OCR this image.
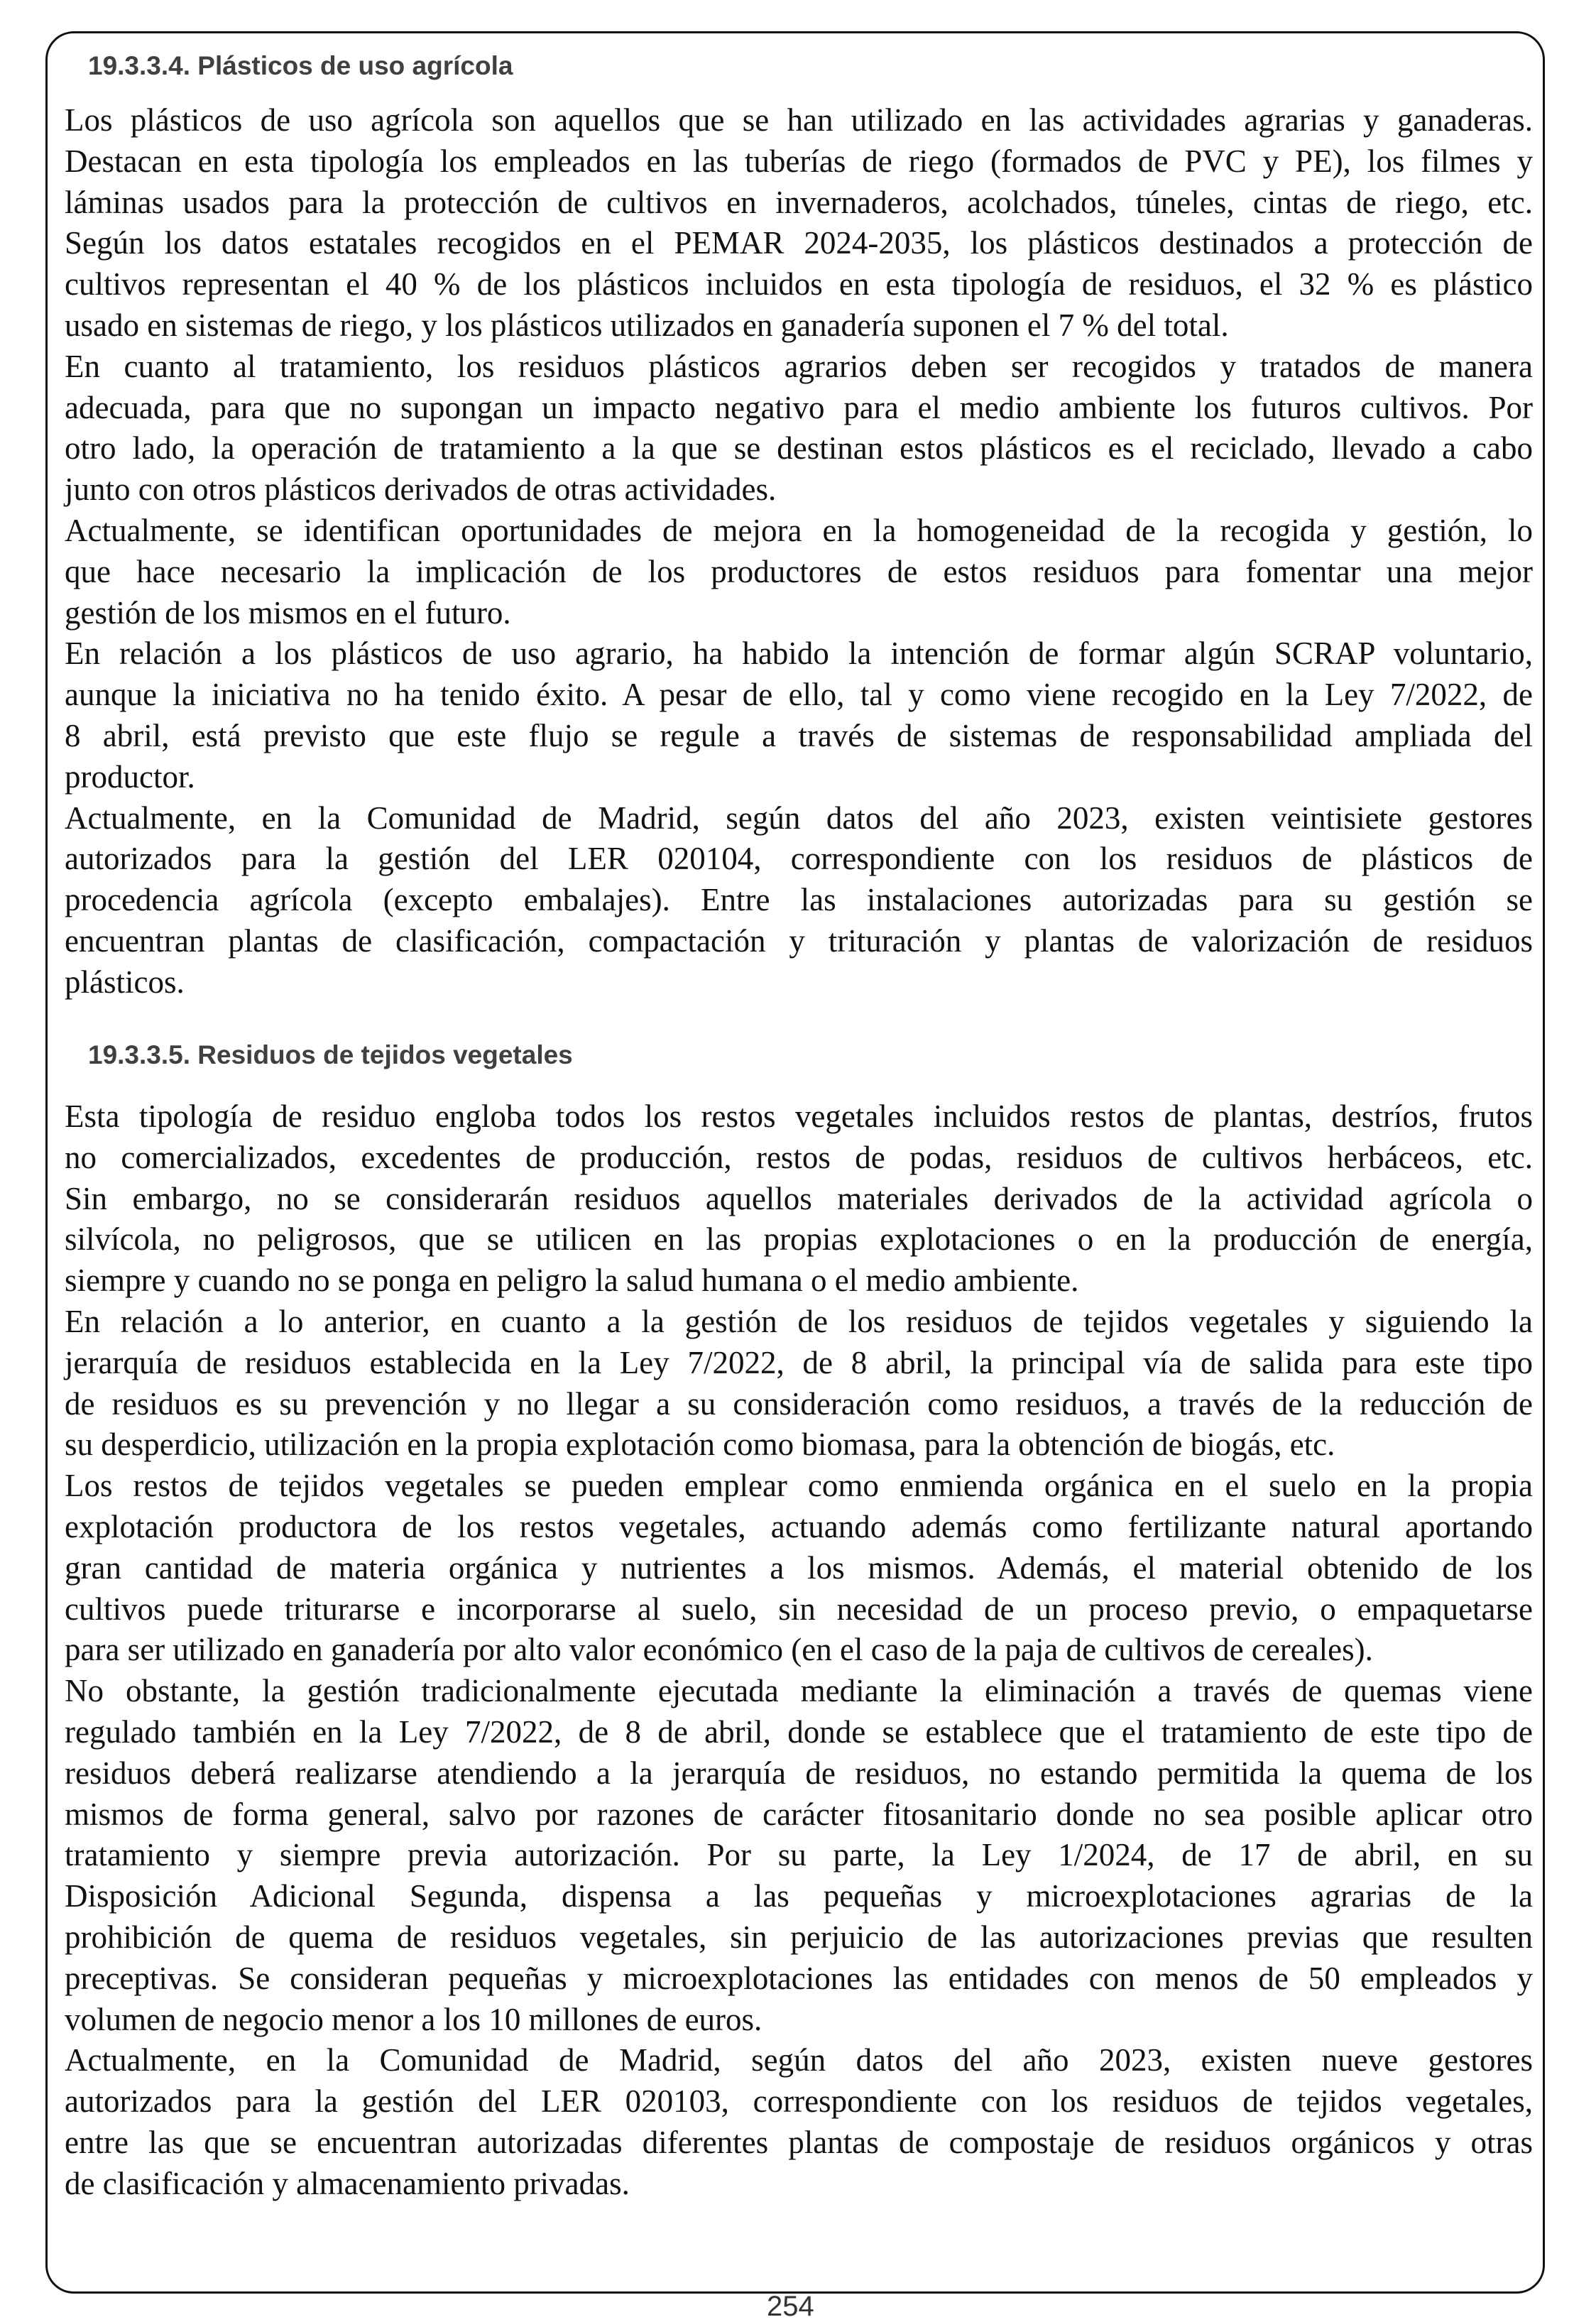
19.3.3.4. Plásticos de uso agrícola
Los plásticos de uso agrícola son aquellos que se han utilizado en las actividades agrarias y ganaderas.
Destacan en esta tipología los empleados en las tuberías de riego (formados de PVC y PE), los filmes y
láminas usados para la protección de cultivos en invernaderos, acolchados, túneles, cintas de riego, etc.
Según los datos estatales recogidos en el PEMAR 2024-2035, los plásticos destinados a protección de
cultivos representan el 40 % de los plásticos incluidos en esta tipología de residuos, el 32 % es plástico
usado en sistemas de riego, y los plásticos utilizados en ganadería suponen el 7 % del total.
En cuanto al tratamiento, los residuos plásticos agrarios deben ser recogidos y tratados de manera
adecuada, para que no supongan un impacto negativo para el medio ambiente los futuros cultivos. Por
otro lado, la operación de tratamiento a la que se destinan estos plásticos es el reciclado, llevado a cabo
junto con otros plásticos derivados de otras actividades.
Actualmente, se identifican oportunidades de mejora en la homogeneidad de la recogida y gestión, lo
que hace necesario la implicación de los productores de estos residuos para fomentar una mejor
gestión de los mismos en el futuro.
En relación a los plásticos de uso agrario, ha habido la intención de formar algún SCRAP voluntario,
aunque la iniciativa no ha tenido éxito. A pesar de ello, tal y como viene recogido en la Ley 7/2022, de
8 abril, está previsto que este flujo se regule a través de sistemas de responsabilidad ampliada del
productor.
Actualmente, en la Comunidad de Madrid, según datos del año 2023, existen veintisiete gestores
autorizados para la gestión del LER 020104, correspondiente con los residuos de plásticos de
procedencia agrícola (excepto embalajes). Entre las instalaciones autorizadas para su gestión se
encuentran plantas de clasificación, compactación y trituración y plantas de valorización de residuos
plásticos.
19.3.3.5. Residuos de tejidos vegetales
Esta tipología de residuo engloba todos los restos vegetales incluidos restos de plantas, destríos, frutos
no comercializados, excedentes de producción, restos de podas, residuos de cultivos herbáceos, etc.
Sin embargo, no se considerarán residuos aquellos materiales derivados de la actividad agrícola o
silvícola, no peligrosos, que se utilicen en las propias explotaciones o en la producción de energía,
siempre y cuando no se ponga en peligro la salud humana o el medio ambiente.
En relación a lo anterior, en cuanto a la gestión de los residuos de tejidos vegetales y siguiendo la
jerarquía de residuos establecida en la Ley 7/2022, de 8 abril, la principal vía de salida para este tipo
de residuos es su prevención y no llegar a su consideración como residuos, a través de la reducción de
su desperdicio, utilización en la propia explotación como biomasa, para la obtención de biogás, etc.
Los restos de tejidos vegetales se pueden emplear como enmienda orgánica en el suelo en la propia
explotación productora de los restos vegetales, actuando además como fertilizante natural aportando
gran cantidad de materia orgánica y nutrientes a los mismos. Además, el material obtenido de los
cultivos puede triturarse e incorporarse al suelo, sin necesidad de un proceso previo, o empaquetarse
para ser utilizado en ganadería por alto valor económico (en el caso de la paja de cultivos de cereales).
No obstante, la gestión tradicionalmente ejecutada mediante la eliminación a través de quemas viene
regulado también en la Ley 7/2022, de 8 de abril, donde se establece que el tratamiento de este tipo de
residuos deberá realizarse atendiendo a la jerarquía de residuos, no estando permitida la quema de los
mismos de forma general, salvo por razones de carácter fitosanitario donde no sea posible aplicar otro
tratamiento y siempre previa autorización. Por su parte, la Ley 1/2024, de 17 de abril, en su
Disposición Adicional Segunda, dispensa a las pequeñas y microexplotaciones agrarias de la
prohibición de quema de residuos vegetales, sin perjuicio de las autorizaciones previas que resulten
preceptivas. Se consideran pequeñas y microexplotaciones las entidades con menos de 50 empleados y
volumen de negocio menor a los 10 millones de euros.
Actualmente, en la Comunidad de Madrid, según datos del año 2023, existen nueve gestores
autorizados para la gestión del LER 020103, correspondiente con los residuos de tejidos vegetales,
entre las que se encuentran autorizadas diferentes plantas de compostaje de residuos orgánicos y otras
de clasificación y almacenamiento privadas.
254
